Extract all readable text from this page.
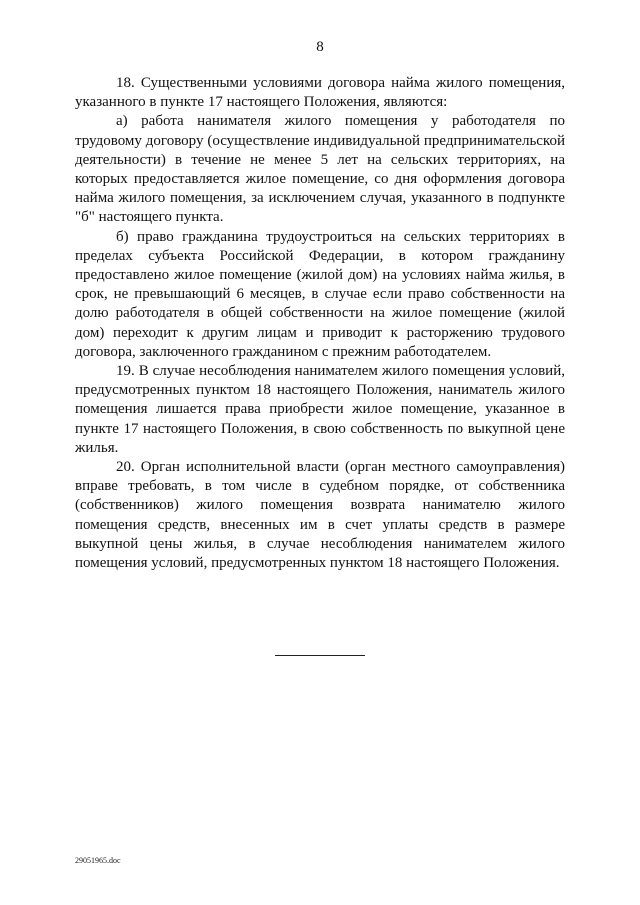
8

18. Существенными условиями договора найма жилого помещения, указанного в пункте 17 настоящего Положения, являются:

а) работа нанимателя жилого помещения у работодателя по трудовому договору (осуществление индивидуальной предпринимательской деятельности) в течение не менее 5 лет на сельских территориях, на которых предоставляется жилое помещение, со дня оформления договора найма жилого помещения, за исключением случая, указанного в подпункте "б" настоящего пункта.

б) право гражданина трудоустроиться на сельских территориях в пределах субъекта Российской Федерации, в котором гражданину предоставлено жилое помещение (жилой дом) на условиях найма жилья, в срок, не превышающий 6 месяцев, в случае если право собственности на долю работодателя в общей собственности на жилое помещение (жилой дом) переходит к другим лицам и приводит к расторжению трудового договора, заключенного гражданином с прежним работодателем.

19. В случае несоблюдения нанимателем жилого помещения условий, предусмотренных пунктом 18 настоящего Положения, наниматель жилого помещения лишается права приобрести жилое помещение, указанное в пункте 17 настоящего Положения, в свою собственность по выкупной цене жилья.

20. Орган исполнительной власти (орган местного самоуправления) вправе требовать, в том числе в судебном порядке, от собственника (собственников) жилого помещения возврата нанимателю жилого помещения средств, внесенных им в счет уплаты средств в размере выкупной цены жилья, в случае несоблюдения нанимателем жилого помещения условий, предусмотренных пунктом 18 настоящего Положения.

29051965.doc
